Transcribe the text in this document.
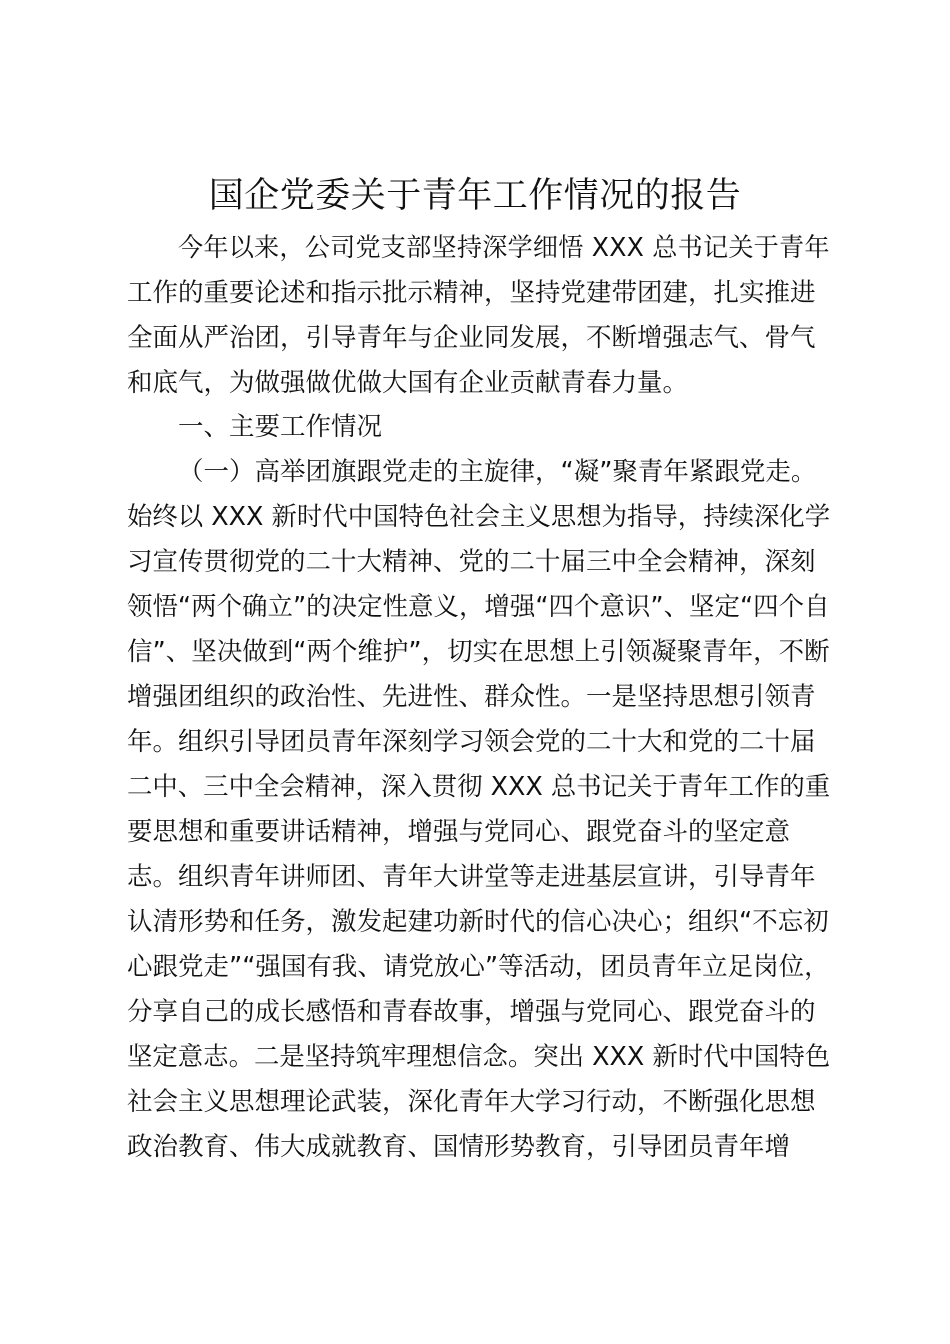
国企党委关于青年工作情况的报告
今年以来，公司党支部坚持深学细悟 XXX 总书记关于青年
工作的重要论述和指示批示精神，坚持党建带团建，扎实推进
全面从严治团，引导青年与企业同发展，不断增强志气、骨气
和底气，为做强做优做大国有企业贡献青春力量。
一、主要工作情况
（一）高举团旗跟党走的主旋律，“凝”聚青年紧跟党走。
始终以 XXX 新时代中国特色社会主义思想为指导，持续深化学
习宣传贯彻党的二十大精神、党的二十届三中全会精神，深刻
领悟“两个确立”的决定性意义，增强“四个意识”、坚定“四个自
信”、坚决做到“两个维护”，切实在思想上引领凝聚青年，不断
增强团组织的政治性、先进性、群众性。一是坚持思想引领青
年。组织引导团员青年深刻学习领会党的二十大和党的二十届
二中、三中全会精神，深入贯彻 XXX 总书记关于青年工作的重
要思想和重要讲话精神，增强与党同心、跟党奋斗的坚定意
志。组织青年讲师团、青年大讲堂等走进基层宣讲，引导青年
认清形势和任务，激发起建功新时代的信心决心；组织“不忘初
心跟党走”“强国有我、请党放心”等活动，团员青年立足岗位，
分享自己的成长感悟和青春故事，增强与党同心、跟党奋斗的
坚定意志。二是坚持筑牢理想信念。突出 XXX 新时代中国特色
社会主义思想理论武装，深化青年大学习行动，不断强化思想
政治教育、伟大成就教育、国情形势教育，引导团员青年增
